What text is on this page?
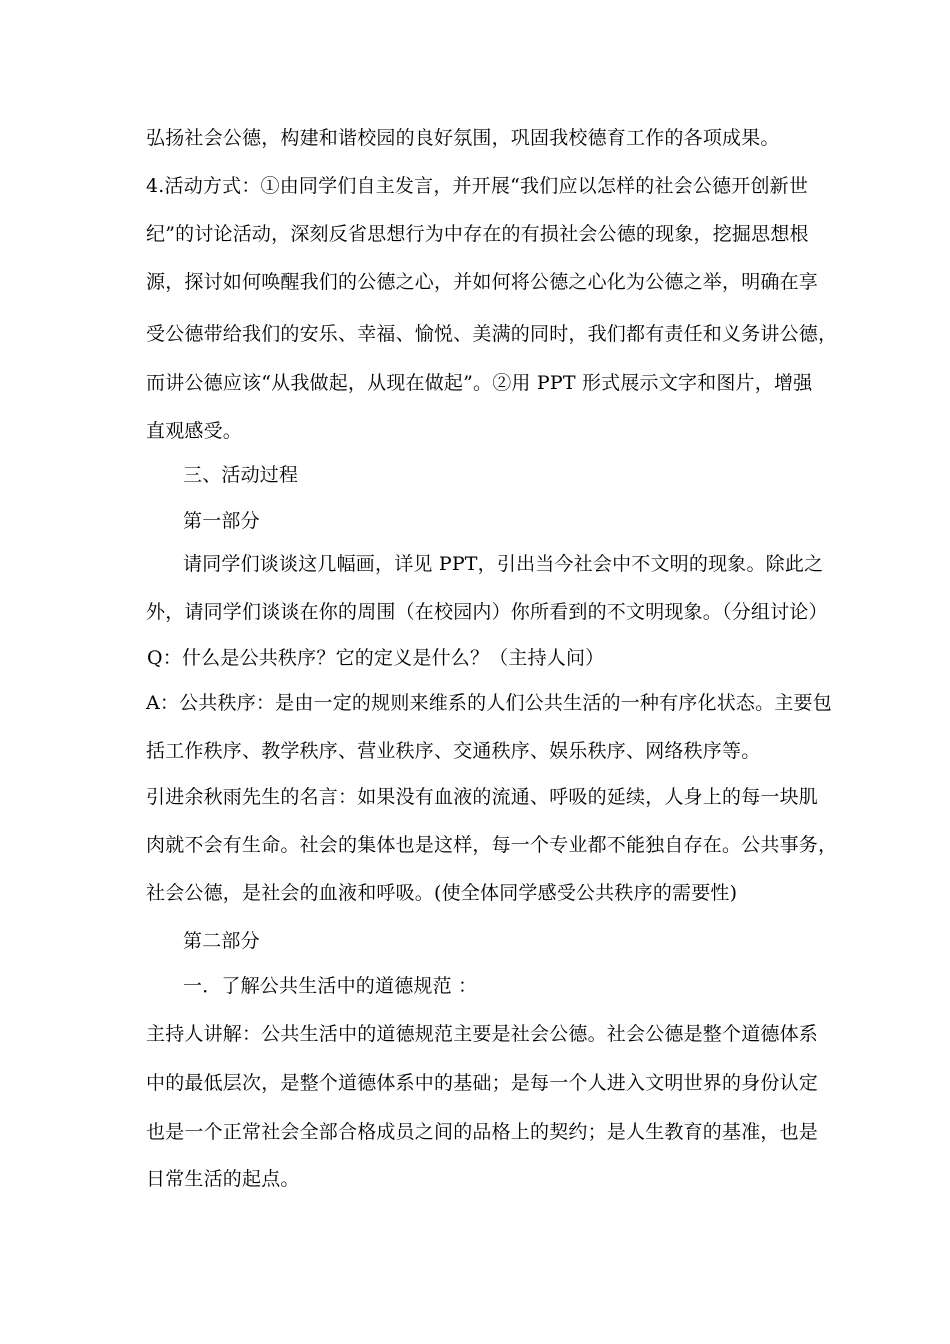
弘扬社会公德，构建和谐校园的良好氛围，巩固我校德育工作的各项成果。
4.活动方式：①由同学们自主发言，并开展“我们应以怎样的社会公德开创新世
纪”的讨论活动，深刻反省思想行为中存在的有损社会公德的现象，挖掘思想根
源，探讨如何唤醒我们的公德之心，并如何将公德之心化为公德之举，明确在享
受公德带给我们的安乐、幸福、愉悦、美满的同时，我们都有责任和义务讲公德，
而讲公德应该“从我做起，从现在做起”。②用 PPT 形式展示文字和图片，增强
直观感受。
三、活动过程
第一部分
请同学们谈谈这几幅画，详见 PPT，引出当今社会中不文明的现象。除此之
外，请同学们谈谈在你的周围（在校园内）你所看到的不文明现象。（分组讨论）
Q：什么是公共秩序？它的定义是什么？（主持人问）
A：公共秩序：是由一定的规则来维系的人们公共生活的一种有序化状态。主要包
括工作秩序、教学秩序、营业秩序、交通秩序、娱乐秩序、网络秩序等。
引进余秋雨先生的名言：如果没有血液的流通、呼吸的延续，人身上的每一块肌
肉就不会有生命。社会的集体也是这样，每一个专业都不能独自存在。公共事务，
社会公德，是社会的血液和呼吸。(使全体同学感受公共秩序的需要性)
第二部分
一．了解公共生活中的道德规范 ：
主持人讲解：公共生活中的道德规范主要是社会公德。社会公德是整个道德体系
中的最低层次，是整个道德体系中的基础；是每一个人进入文明世界的身份认定
也是一个正常社会全部合格成员之间的品格上的契约；是人生教育的基准，也是
日常生活的起点。
